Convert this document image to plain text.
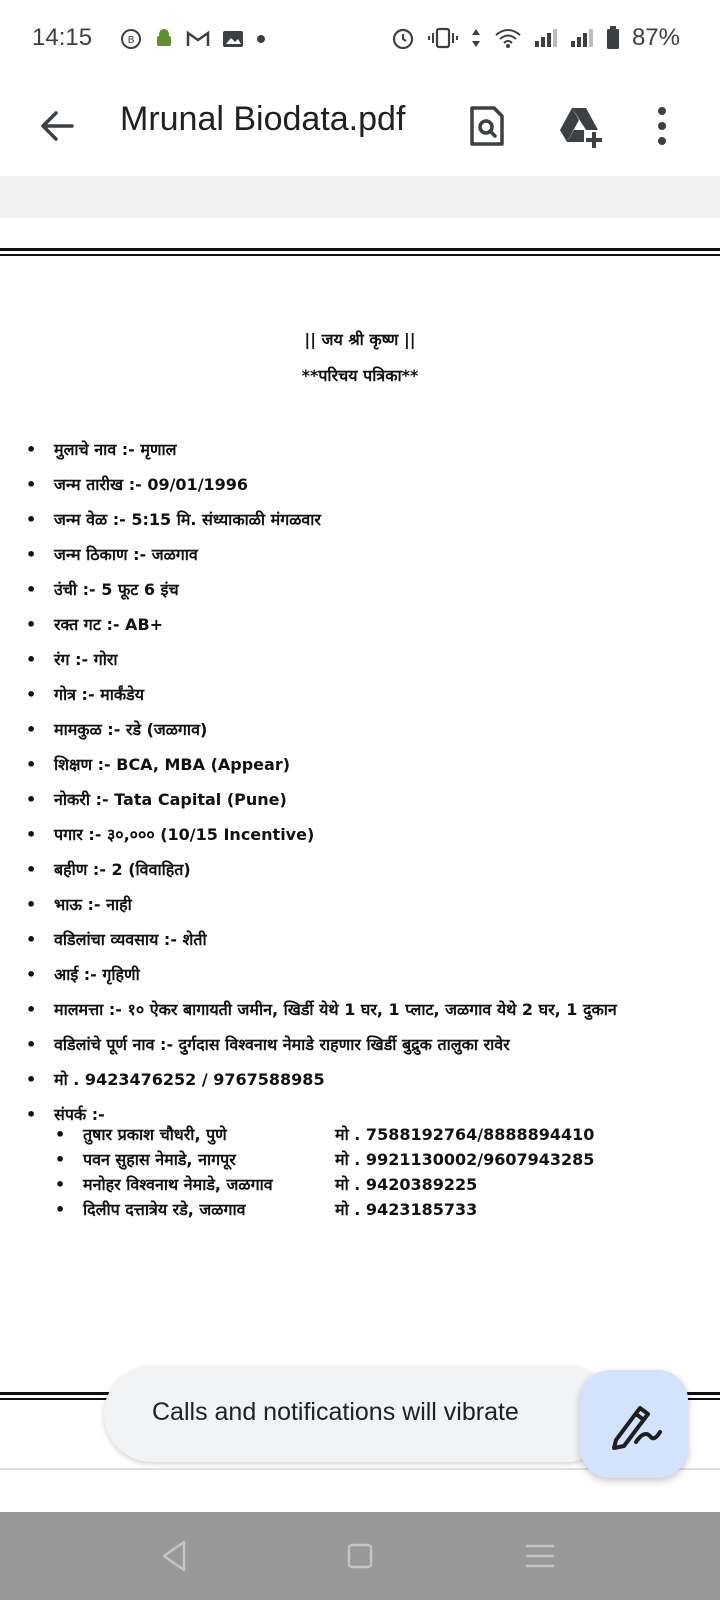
14:15	B	87%
Mrunal Biodata.pdf
|| जय श्री कृष्ण ||
**परिचय पत्रिका**
• मुलाचे नाव :- मृणाल
• जन्म तारीख :- 09/01/1996
• जन्म वेळ :- 5:15 मि. संध्याकाळी मंगळवार
• जन्म ठिकाण :- जळगाव
• उंची :- 5 फूट 6 इंच
• रक्त गट :- AB+
• रंग :- गोरा
• गोत्र :- मार्कंडेय
• मामकुळ :- रडे (जळगाव)
• शिक्षण :- BCA, MBA (Appear)
• नोकरी :- Tata Capital (Pune)
• पगार :- ३०,००० (10/15 Incentive)
• बहीण :- 2 (विवाहित)
• भाऊ :- नाही
• वडिलांचा व्यवसाय :- शेती
• आई :- गृहिणी
• मालमत्ता :- १० ऐकर बागायती जमीन, खिर्डी येथे 1 घर, 1 प्लाट, जळगाव येथे 2 घर, 1 दुकान
• वडिलांचे पूर्ण नाव :- दुर्गदास विश्वनाथ नेमाडे राहणार खिर्डी बुद्रुक तालुका रावेर
• मो . 9423476252 / 9767588985
• संपर्क :-
• तुषार प्रकाश चौधरी, पुणे	मो . 7588192764/8888894410
• पवन सुहास नेमाडे, नागपूर	मो . 9921130002/9607943285
• मनोहर विश्वनाथ नेमाडे, जळगाव	मो . 9420389225
• दिलीप दत्तात्रेय रडे, जळगाव	मो . 9423185733
Calls and notifications will vibrate
